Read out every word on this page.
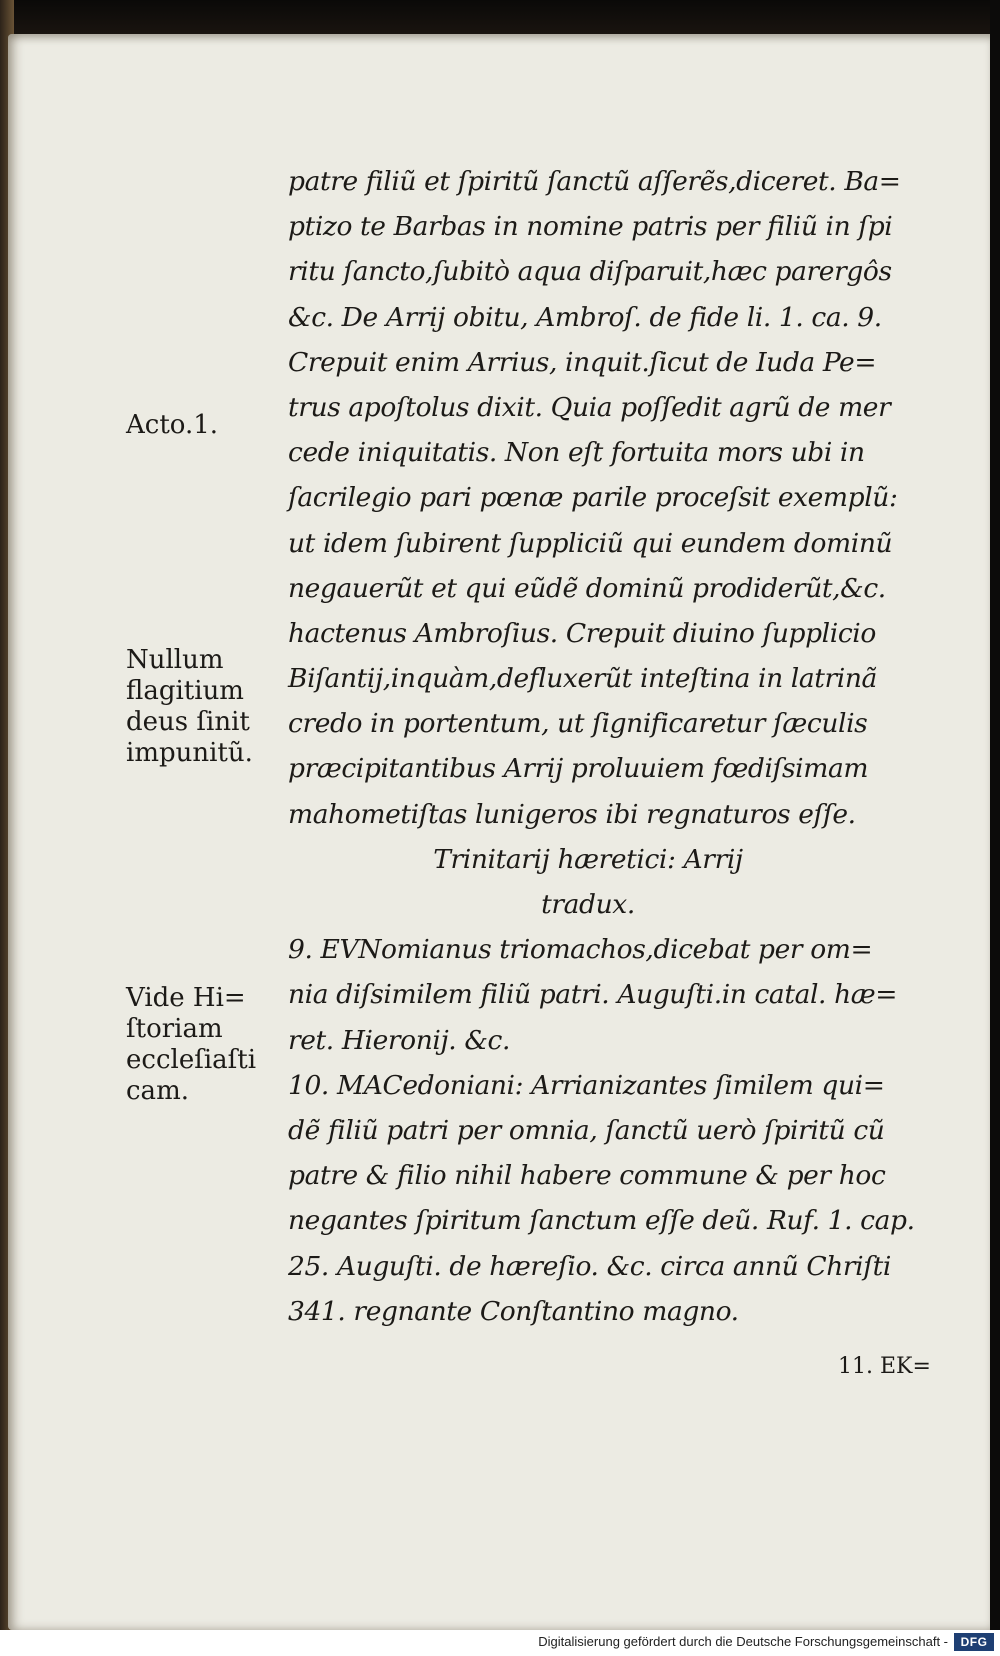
patre filiũ et ſpiritũ ſanctũ aſſerẽs,diceret. Ba=
ptizo te Barbas in nomine patris per filiũ in ſpi
ritu ſancto,ſubitò aqua diſparuit,hæc parergôs
&c. De Arrij obitu, Ambroſ. de fide li. 1. ca. 9.
Crepuit enim Arrius, inquit.ſicut de Iuda Pe=
trus apoſtolus dixit. Quia poſſedit agrũ de mer
cede iniquitatis. Non eſt fortuita mors ubi in
ſacrilegio pari pœnæ parile proceſsit exemplũ:
ut idem ſubirent ſuppliciũ qui eundem dominũ
negauerũt et qui eũdẽ dominũ prodiderũt,&c.
hactenus Ambroſius. Crepuit diuino ſupplicio
Biſantij,inquàm,defluxerũt inteſtina in latrinã
credo in portentum, ut ſignificaretur ſæculis
præcipitantibus Arrij proluuiem fœdiſsimam
mahometiſtas lunigeros ibi regnaturos eſſe.
Trinitarij hæretici: Arrij
tradux.
9. EVNomianus triomachos,dicebat per om=
nia diſsimilem filiũ patri. Auguſti.in catal. hæ=
ret. Hieronij. &c.
10. MACedoniani: Arrianizantes ſimilem qui=
dẽ filiũ patri per omnia, ſanctũ uerò ſpiritũ cũ
patre & filio nihil habere commune & per hoc
negantes ſpiritum ſanctum eſſe deũ. Ruf. 1. cap.
25. Auguſti. de hæreſio. &c. circa annũ Chriſti
341. regnante Conſtantino magno.
Acto.1.
Nullum
flagitium
deus ſinit
impunitũ.
Vide Hi=
ſtoriam
eccleſiaſti
cam.
11. EK=
Digitalisierung gefördert durch die Deutsche Forschungsgemeinschaft -	DFG
